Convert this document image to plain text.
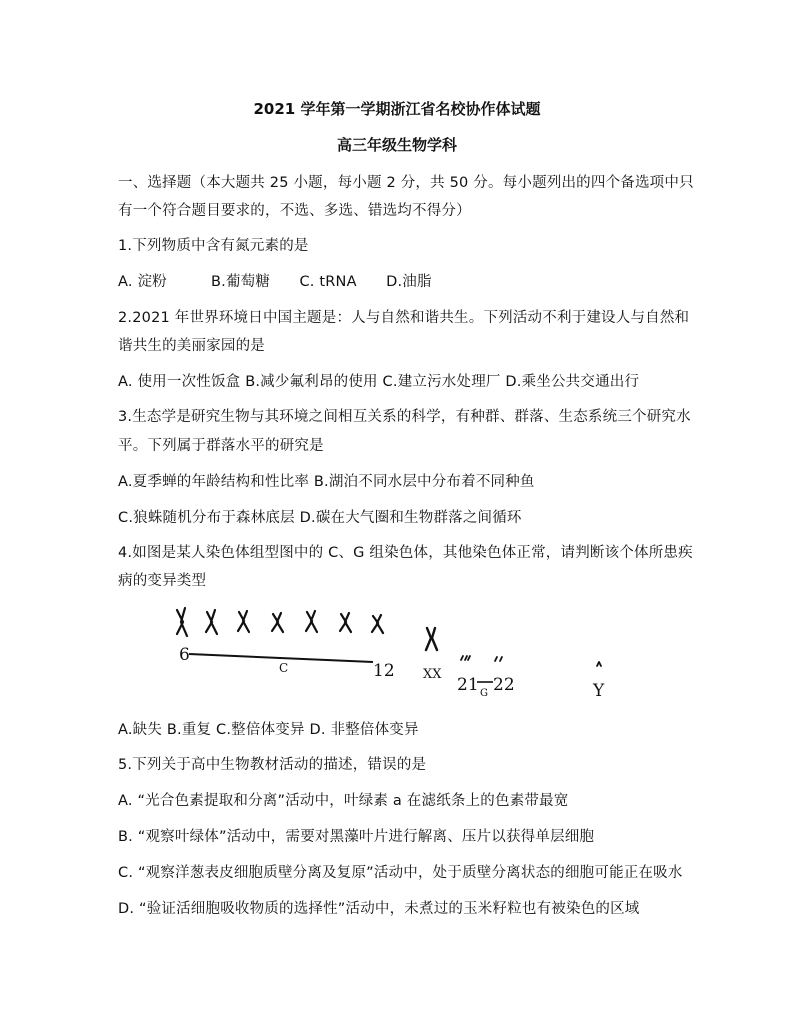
2021 学年第一学期浙江省名校协作体试题
高三年级生物学科
一、选择题（本大题共 25 小题，每小题 2 分，共 50 分。每小题列出的四个备选项中只
有一个符合题目要求的，不选、多选、错选均不得分）
1.下列物质中含有氮元素的是
A. 淀粉　　　B.葡萄糖　　C. tRNA　　D.油脂
2.2021 年世界环境日中国主题是：人与自然和谐共生。下列活动不利于建设人与自然和
谐共生的美丽家园的是
A. 使用一次性饭盒 B.减少氟利昂的使用 C.建立污水处理厂 D.乘坐公共交通出行
3.生态学是研究生物与其环境之间相互关系的科学，有种群、群落、生态系统三个研究水
平。下列属于群落水平的研究是
A.夏季蝉的年龄结构和性比率 B.湖泊不同水层中分布着不同种鱼
C.狼蛛随机分布于森林底层 D.碳在大气圈和生物群落之间循环
4.如图是某人染色体组型图中的 C、G 组染色体，其他染色体正常，请判断该个体所患疾
病的变异类型
6
12
C	XX
21 G 22	Y
A.缺失 B.重复 C.整倍体变异 D. 非整倍体变异
5.下列关于高中生物教材活动的描述，错误的是
A. “光合色素提取和分离”活动中，叶绿素 a 在滤纸条上的色素带最宽
B. “观察叶绿体”活动中，需要对黑藻叶片进行解离、压片以获得单层细胞
C. “观察洋葱表皮细胞质壁分离及复原”活动中，处于质壁分离状态的细胞可能正在吸水
D. “验证活细胞吸收物质的选择性”活动中，未煮过的玉米籽粒也有被染色的区域
